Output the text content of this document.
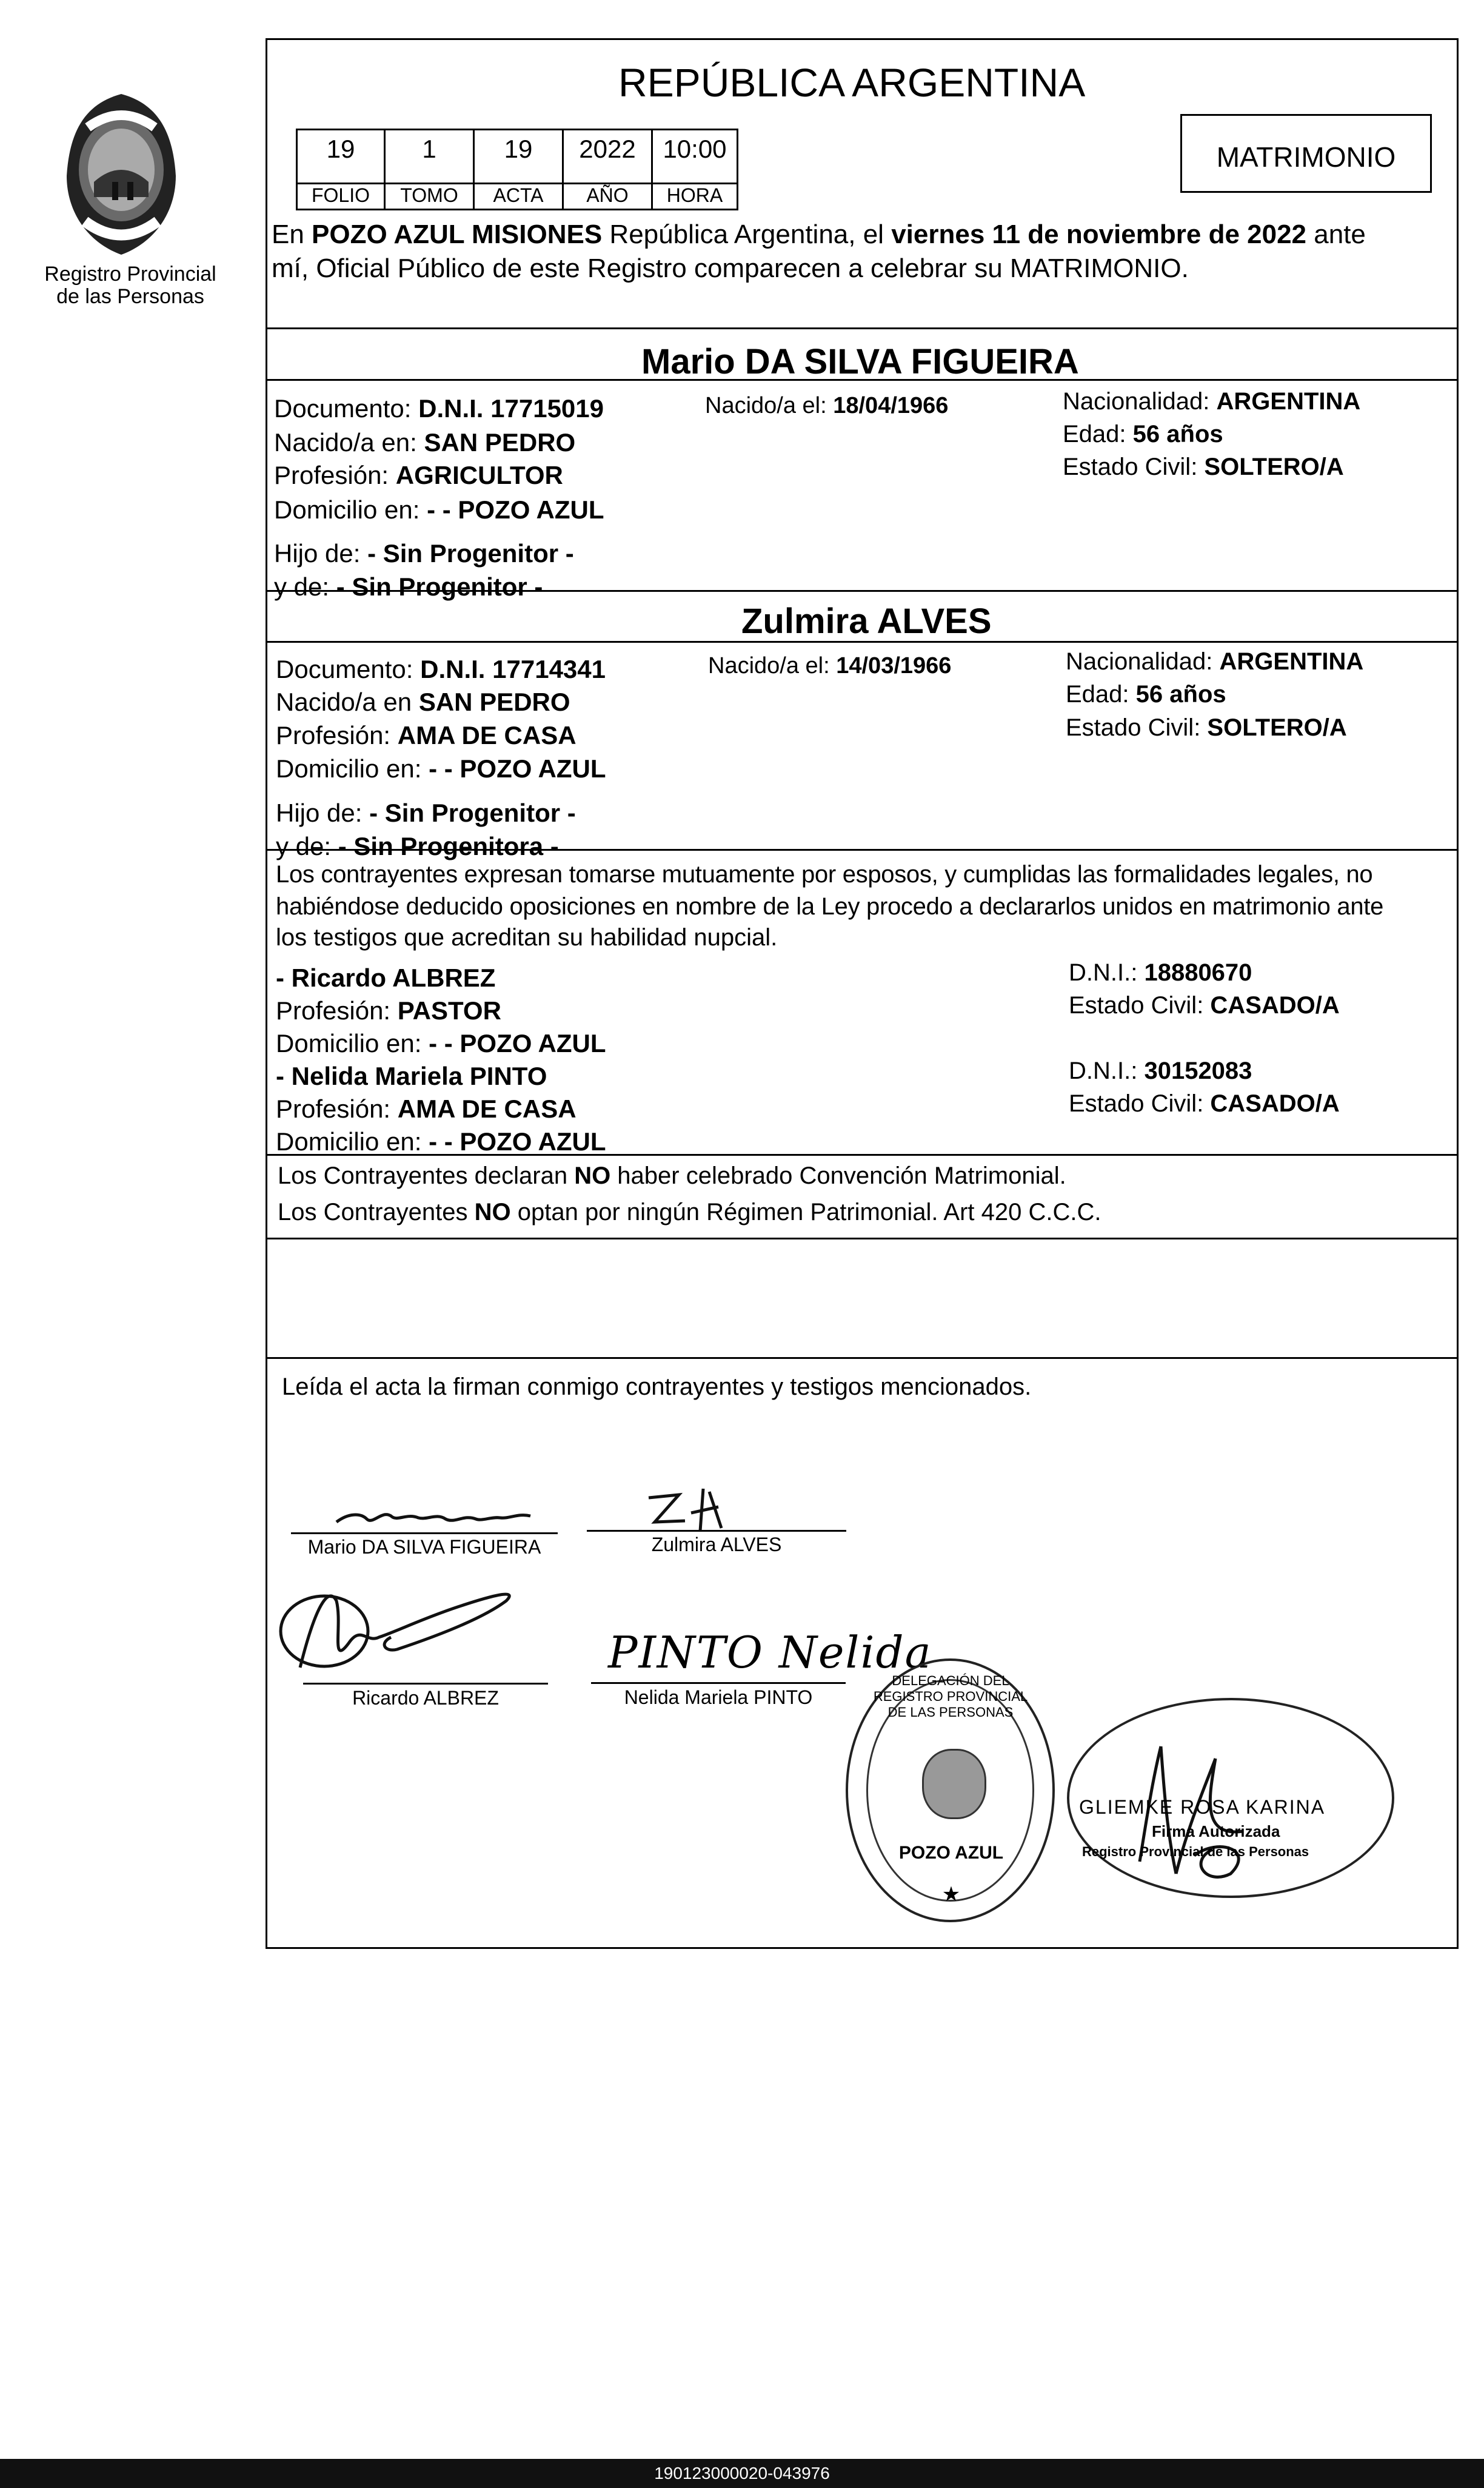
Registro Provincial
de las Personas
REPÚBLICA ARGENTINA
MATRIMONIO
19	1	19	2022	10:00
FOLIO	TOMO	ACTA	AÑO	HORA
En POZO AZUL MISIONES República Argentina, el viernes 11 de noviembre de 2022 ante
mí, Oficial Público de este Registro comparecen a celebrar su MATRIMONIO.
Mario DA SILVA FIGUEIRA
Documento: D.N.I. 17715019	Nacido/a el: 18/04/1966	Nacionalidad: ARGENTINA
Nacido/a en: SAN PEDRO	Edad: 56 años
Profesión: AGRICULTOR	Estado Civil: SOLTERO/A
Domicilio en: - - POZO AZUL
Hijo de: - Sin Progenitor -
y de: - Sin Progenitor -
Zulmira ALVES
Documento: D.N.I. 17714341	Nacido/a el: 14/03/1966	Nacionalidad: ARGENTINA
Nacido/a en SAN PEDRO	Edad: 56 años
Profesión: AMA DE CASA	Estado Civil: SOLTERO/A
Domicilio en: - - POZO AZUL
Hijo de: - Sin Progenitor -
y de: - Sin Progenitora -
Los contrayentes expresan tomarse mutuamente por esposos, y cumplidas las formalidades legales, no
habiéndose deducido oposiciones en nombre de la Ley procedo a declararlos unidos en matrimonio ante
los testigos que acreditan su habilidad nupcial.
- Ricardo ALBREZ	D.N.I.: 18880670
Profesión: PASTOR	Estado Civil: CASADO/A
Domicilio en: - - POZO AZUL
- Nelida Mariela PINTO	D.N.I.: 30152083
Profesión: AMA DE CASA	Estado Civil: CASADO/A
Domicilio en: - - POZO AZUL
Los Contrayentes declaran NO haber celebrado Convención Matrimonial.
Los Contrayentes NO optan por ningún Régimen Patrimonial. Art 420 C.C.C.
Leída el acta la firman conmigo contrayentes y testigos mencionados.
Mario DA SILVA FIGUEIRA	Zulmira ALVES
Ricardo ALBREZ
PINTO Nelida
Nelida Mariela PINTO
DELEGACIÓN DEL REGISTRO PROVINCIAL DE LAS PERSONAS
POZO AZUL
★
GLIEMKE ROSA KARINA
Firma Autorizada
Registro Provincial de las Personas
190123000020-043976
